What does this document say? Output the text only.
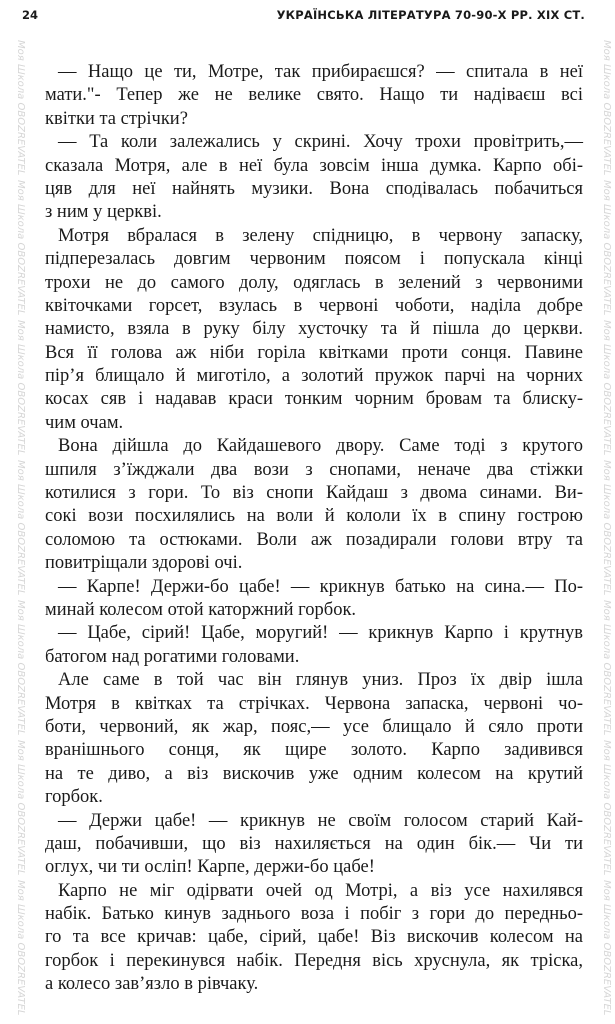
24	УКРАЇНСЬКА ЛІТЕРАТУРА 70-90-Х РР. XIX СТ.
— Нащо це ти, Мотре, так прибираєшся? — спитала в неї
мати."- Тепер же не велике свято. Нащо ти надіваєш всі
квітки та стрічки?
— Та коли залежались у скрині. Хочу трохи провітрить,—
сказала Мотря, але в неї була зовсім інша думка. Карпо обі-
цяв для неї найнять музики. Вона сподівалась побачиться
з ним у церкві.
Мотря вбралася в зелену спідницю, в червону запаску,
підперезалась довгим червоним поясом і попускала кінці
трохи не до самого долу, одяглась в зелений з червоними
квіточками горсет, взулась в червоні чоботи, наділа добре
намисто, взяла в руку білу хусточку та й пішла до церкви.
Вся її голова аж ніби горіла квітками проти сонця. Павине
пір’я блищало й миготіло, а золотий пружок парчі на чорних
косах сяв і надавав краси тонким чорним бровам та блиску-
чим очам.
Вона дійшла до Кайдашевого двору. Саме тоді з крутого
шпиля з’їжджали два вози з снопами, неначе два стіжки
котилися з гори. То віз снопи Кайдаш з двома синами. Ви-
сокі вози посхилялись на воли й кололи їх в спину гострою
соломою та остюками. Воли аж позадирали голови втру та
повитріщали здорові очі.
— Карпе! Держи-бо цабе! — крикнув батько на сина.— По-
минай колесом отой каторжний горбок.
— Цабе, сірий! Цабе, моругий! — крикнув Карпо і крутнув
батогом над рогатими головами.
Але саме в той час він глянув униз. Проз їх двір ішла
Мотря в квітках та стрічках. Червона запаска, червоні чо-
боти, червоний, як жар, пояс,— усе блищало й сяло проти
вранішнього сонця, як щире золото. Карпо задивився
на те диво, а віз вискочив уже одним колесом на крутий
горбок.
— Держи цабе! — крикнув не своїм голосом старий Кай-
даш, побачивши, що віз нахиляється на один бік.— Чи ти
оглух, чи ти осліп! Карпе, держи-бо цабе!
Карпо не міг одірвати очей од Мотрі, а віз усе нахилявся
набік. Батько кинув заднього воза і побіг з гори до передньо-
го та все кричав: цабе, сірий, цабе! Віз вискочив колесом на
горбок і перекинувся набік. Передня вісь хруснула, як тріска,
а колесо зав’язло в рівчаку.
Моя Школа OBOZREVATEL
Моя Школа OBOZREVATEL
Моя Школа OBOZREVATEL
Моя Школа OBOZREVATEL
Моя Школа OBOZREVATEL
Моя Школа OBOZREVATEL
Моя Школа OBOZREVATEL
Моя Школа OBOZREVATEL
Моя Школа OBOZREVATEL
Моя Школа OBOZREVATEL
Моя Школа OBOZREVATEL
Моя Школа OBOZREVATEL
Моя Школа OBOZREVATEL
Моя Школа OBOZREVATEL
